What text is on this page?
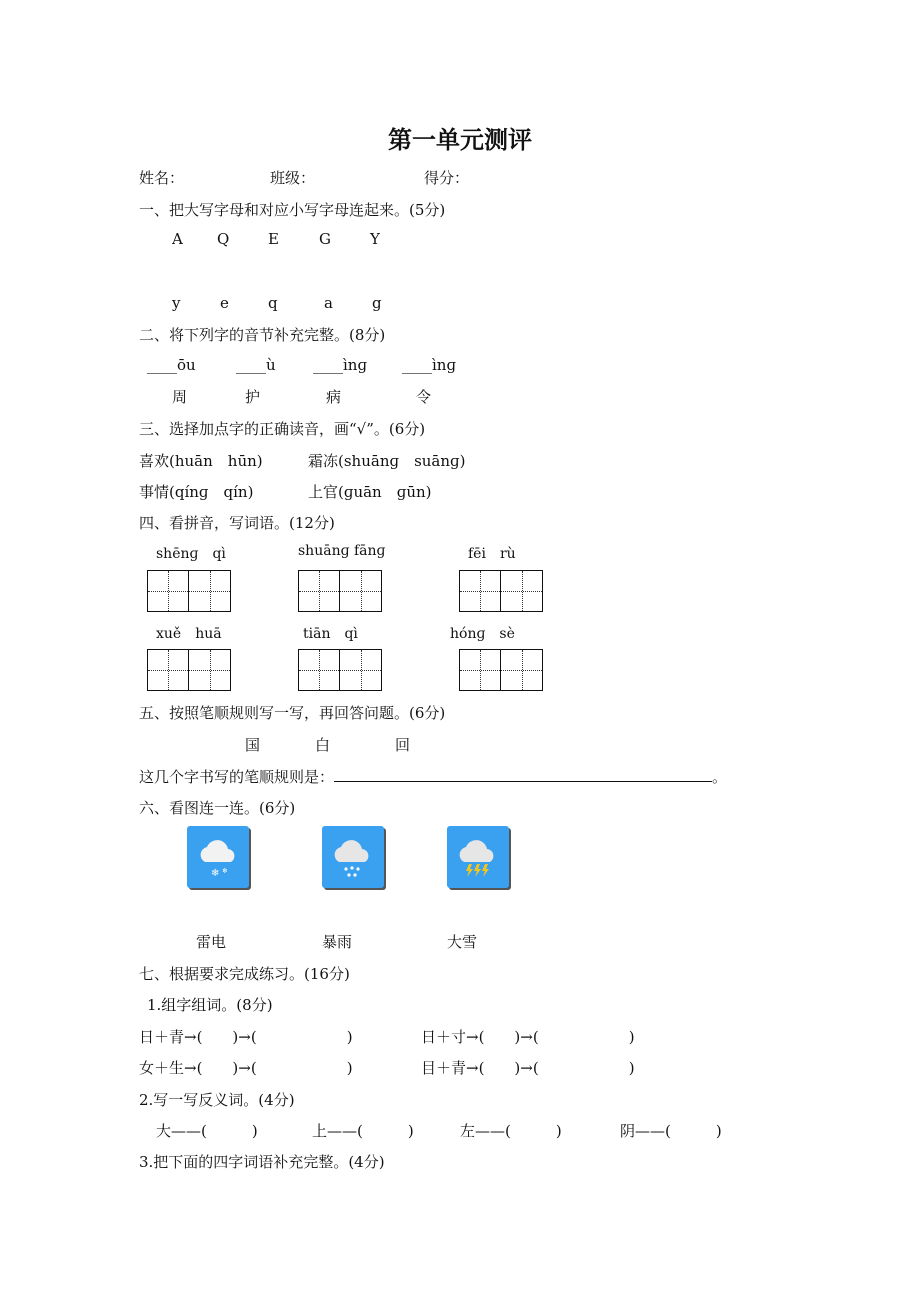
第一单元测评
姓名：	班级：	得分：
一、把大写字母和对应小写字母连起来。(5分)
A Q	E	G	Y
y	e	q	a	g
二、将下列字的音节补充完整。(8分)
____ōu	____ù ____ìnɡ ____ìnɡ
周	护	病	令
三、选择加点字的正确读音，画“√”。(6分)
喜欢(huān　hūn)	霜冻(shuānɡ　suānɡ)
事情(qínɡ　qín)	上官(ɡuān　ɡūn)
四、看拼音，写词语。(12分)
shēnɡ　qì	shuānɡ fānɡ	fēi　rù
xuě　huā	tiān　qì	hónɡ　sè
五、按照笔顺规则写一写，再回答问题。(6分)
国	白	回
这几个字书写的笔顺规则是：	。
六、看图连一连。(6分)
❄ ❄
雷电	暴雨	大雪
七、根据要求完成练习。(16分)
1.组字组词。(8分)
日＋青→(　　)→(　　　　　　)	日＋寸→(　　)→(　　　　　　)
女＋生→(　　)→(　　　　　　)	目＋青→(　　)→(　　　　　　)
2.写一写反义词。(4分)
大——(　　　)	上——(　　　)	左——(　　　)	阴——(　　　)
3.把下面的四字词语补充完整。(4分)
